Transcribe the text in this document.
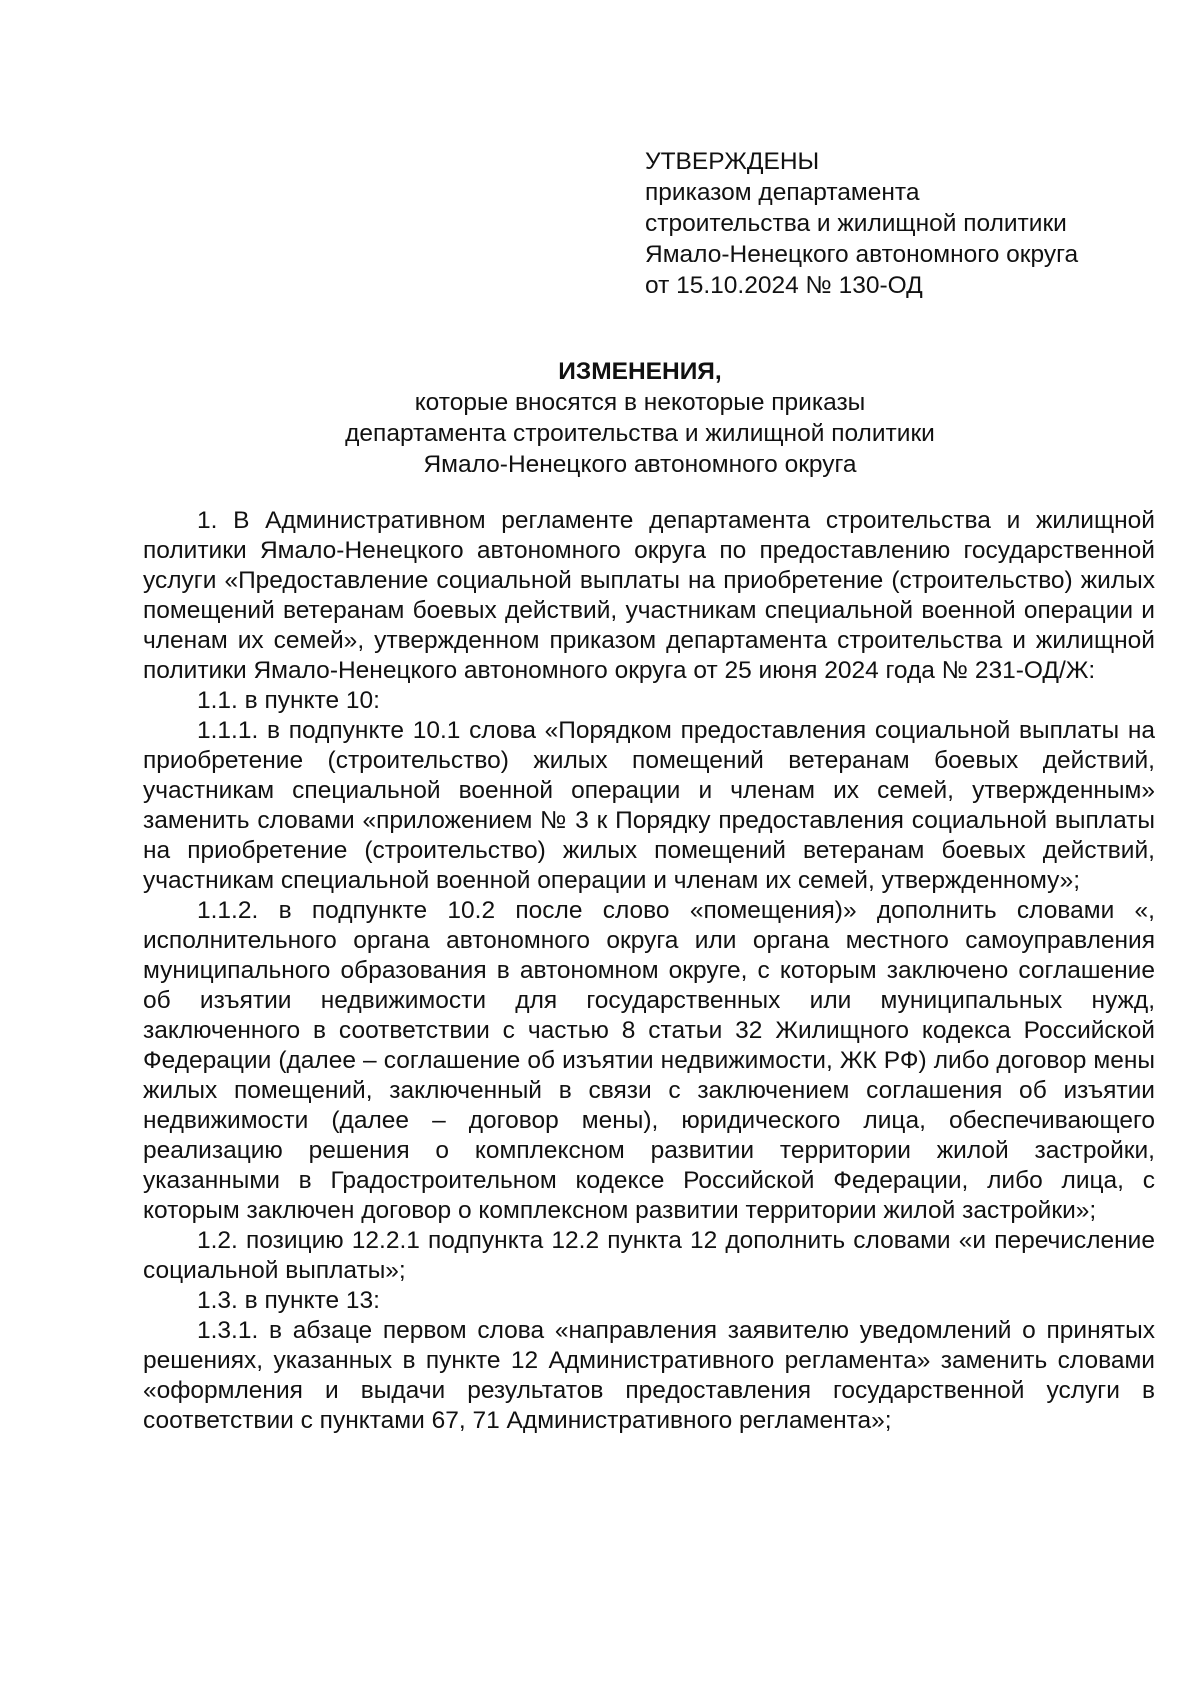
УТВЕРЖДЕНЫ
приказом департамента
строительства и жилищной политики
Ямало-Ненецкого автономного округа
от 15.10.2024 № 130-ОД
ИЗМЕНЕНИЯ,
которые вносятся в некоторые приказы
департамента строительства и жилищной политики
Ямало-Ненецкого автономного округа

1. В Административном регламенте департамента строительства и жилищной политики Ямало-Ненецкого автономного округа по предоставлению государственной услуги «Предоставление социальной выплаты на приобретение (строительство) жилых помещений ветеранам боевых действий, участникам специальной военной операции и членам их семей», утвержденном приказом департамента строительства и жилищной политики Ямало-Ненецкого автономного округа от 25 июня 2024 года № 231-ОД/Ж:

1.1. в пункте 10:

1.1.1. в подпункте 10.1 слова «Порядком предоставления социальной выплаты на приобретение (строительство) жилых помещений ветеранам боевых действий, участникам специальной военной операции и членам их семей, утвержденным» заменить словами «приложением № 3 к Порядку предоставления социальной выплаты на приобретение (строительство) жилых помещений ветеранам боевых действий, участникам специальной военной операции и членам их семей, утвержденному»;

1.1.2. в подпункте 10.2 после слово «помещения)» дополнить словами «, исполнительного органа автономного округа или органа местного самоуправления муниципального образования в автономном округе, с которым заключено соглашение об изъятии недвижимости для государственных или муниципальных нужд, заключенного в соответствии с частью 8 статьи 32 Жилищного кодекса Российской Федерации (далее – соглашение об изъятии недвижимости, ЖК РФ) либо договор мены жилых помещений, заключенный в связи с заключением соглашения об изъятии недвижимости (далее – договор мены), юридического лица, обеспечивающего реализацию решения о комплексном развитии территории жилой застройки, указанными в Градостроительном кодексе Российской Федерации, либо лица, с которым заключен договор о комплексном развитии территории жилой застройки»;

1.2. позицию 12.2.1 подпункта 12.2 пункта 12 дополнить словами «и перечисление социальной выплаты»;

1.3. в пункте 13:

1.3.1. в абзаце первом слова «направления заявителю уведомлений о принятых решениях, указанных в пункте 12 Административного регламента» заменить словами «оформления и выдачи результатов предоставления государственной услуги в соответствии с пунктами 67, 71 Административного регламента»;
